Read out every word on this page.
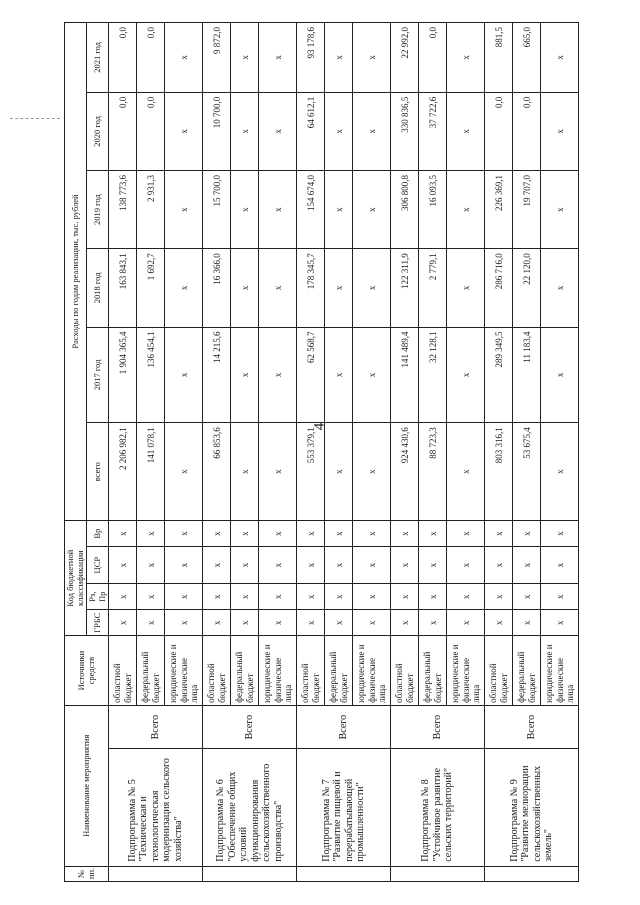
4
№ пп.	Наименование мероприятия		Источники средств	Код бюджетной классификации				Расходы по годам реализации, тыс. рублей					
				ГРБС	Рз, Пр	ЦСР	Вр	всего	2017 год	2018 год	2019 год	2020 год	2021 год
	Подпрограмма № 5 "Техническая и технологическая модернизация сельского хозяйства"	Всего	областной бюджет	х	х	х	х	2 206 982,1	1 904 365,4	163 843,1	138 773,6	0,0	0,0
			федеральный бюджет	х	х	х	х	141 078,1	136 454,1	1 692,7	2 931,3	0,0	0,0
			юридические и физические лица	х	х	х	х	х	х	х	х	х	х
	Подпрограмма № 6 "Обеспечение общих условий функционирования сельскохозяйственного производства"	Всего	областной бюджет	х	х	х	х	66 853,6	14 215,6	16 366,0	15 700,0	10 700,0	9 872,0
			федеральный бюджет	х	х	х	х	х	х	х	х	х	х
			юридические и физические лица	х	х	х	х	х	х	х	х	х	х
	Подпрограмма № 7 "Развитие пищевой и перерабатывающей промышленности"	Всего	областной бюджет	х	х	х	х	553 379,1	62 568,7	178 345,7	154 674,0	64 612,1	93 178,6
			федеральный бюджет	х	х	х	х	х	х	х	х	х	х
			юридические и физические лица	х	х	х	х	х	х	х	х	х	х
	Подпрограмма № 8 "Устойчивое развитие сельских территорий"	Всего	областной бюджет	х	х	х	х	924 430,6	141 489,4	122 311,9	306 800,8	330 836,5	22 992,0
			федеральный бюджет	х	х	х	х	88 723,3	32 128,1	2 779,1	16 093,5	37 722,6	0,0
			юридические и физические лица	х	х	х	х	х	х	х	х	х	х
	Подпрограмма № 9 "Развитие мелиорации сельскохозяйственных земель"	Всего	областной бюджет	х	х	х	х	803 316,1	289 349,5	286 716,0	226 369,1	0,0	881,5
			федеральный бюджет	х	х	х	х	53 675,4	11 183,4	22 120,0	19 707,0	0,0	665,0
			юридические и физические лица	х	х	х	х	х	х	х	х	х	х
